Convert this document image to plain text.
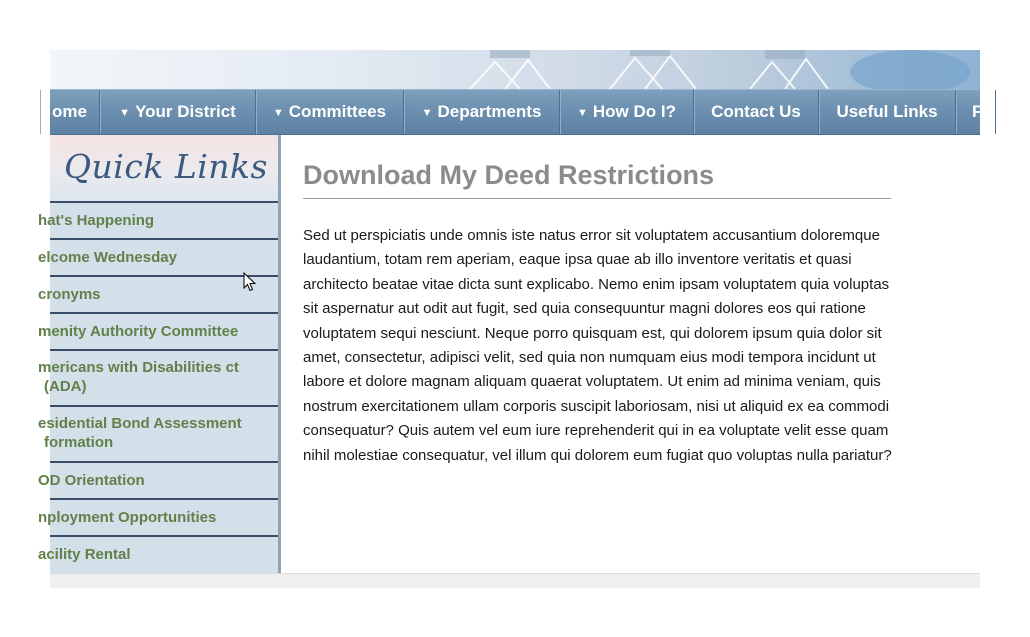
ome	▼ Your District	▼ Committees	▼ Departments	▼ How Do I?	Contact Us	Useful Links	F
Quick Links
hat's Happening
elcome Wednesday
cronyms
menity Authority Committee
mericans with Disabilities ct (ADA)
esidential Bond Assessment formation
OD Orientation
nployment Opportunities
acility Rental
Download My Deed Restrictions
Sed ut perspiciatis unde omnis iste natus error sit voluptatem accusantium doloremque laudantium, totam rem aperiam, eaque ipsa quae ab illo inventore veritatis et quasi architecto beatae vitae dicta sunt explicabo. Nemo enim ipsam voluptatem quia voluptas sit aspernatur aut odit aut fugit, sed quia consequuntur magni dolores eos qui ratione voluptatem sequi nesciunt. Neque porro quisquam est, qui dolorem ipsum quia dolor sit amet, consectetur, adipisci velit, sed quia non numquam eius modi tempora incidunt ut labore et dolore magnam aliquam quaerat voluptatem. Ut enim ad minima veniam, quis nostrum exercitationem ullam corporis suscipit laboriosam, nisi ut aliquid ex ea commodi consequatur? Quis autem vel eum iure reprehenderit qui in ea voluptate velit esse quam nihil molestiae consequatur, vel illum qui dolorem eum fugiat quo voluptas nulla pariatur?
